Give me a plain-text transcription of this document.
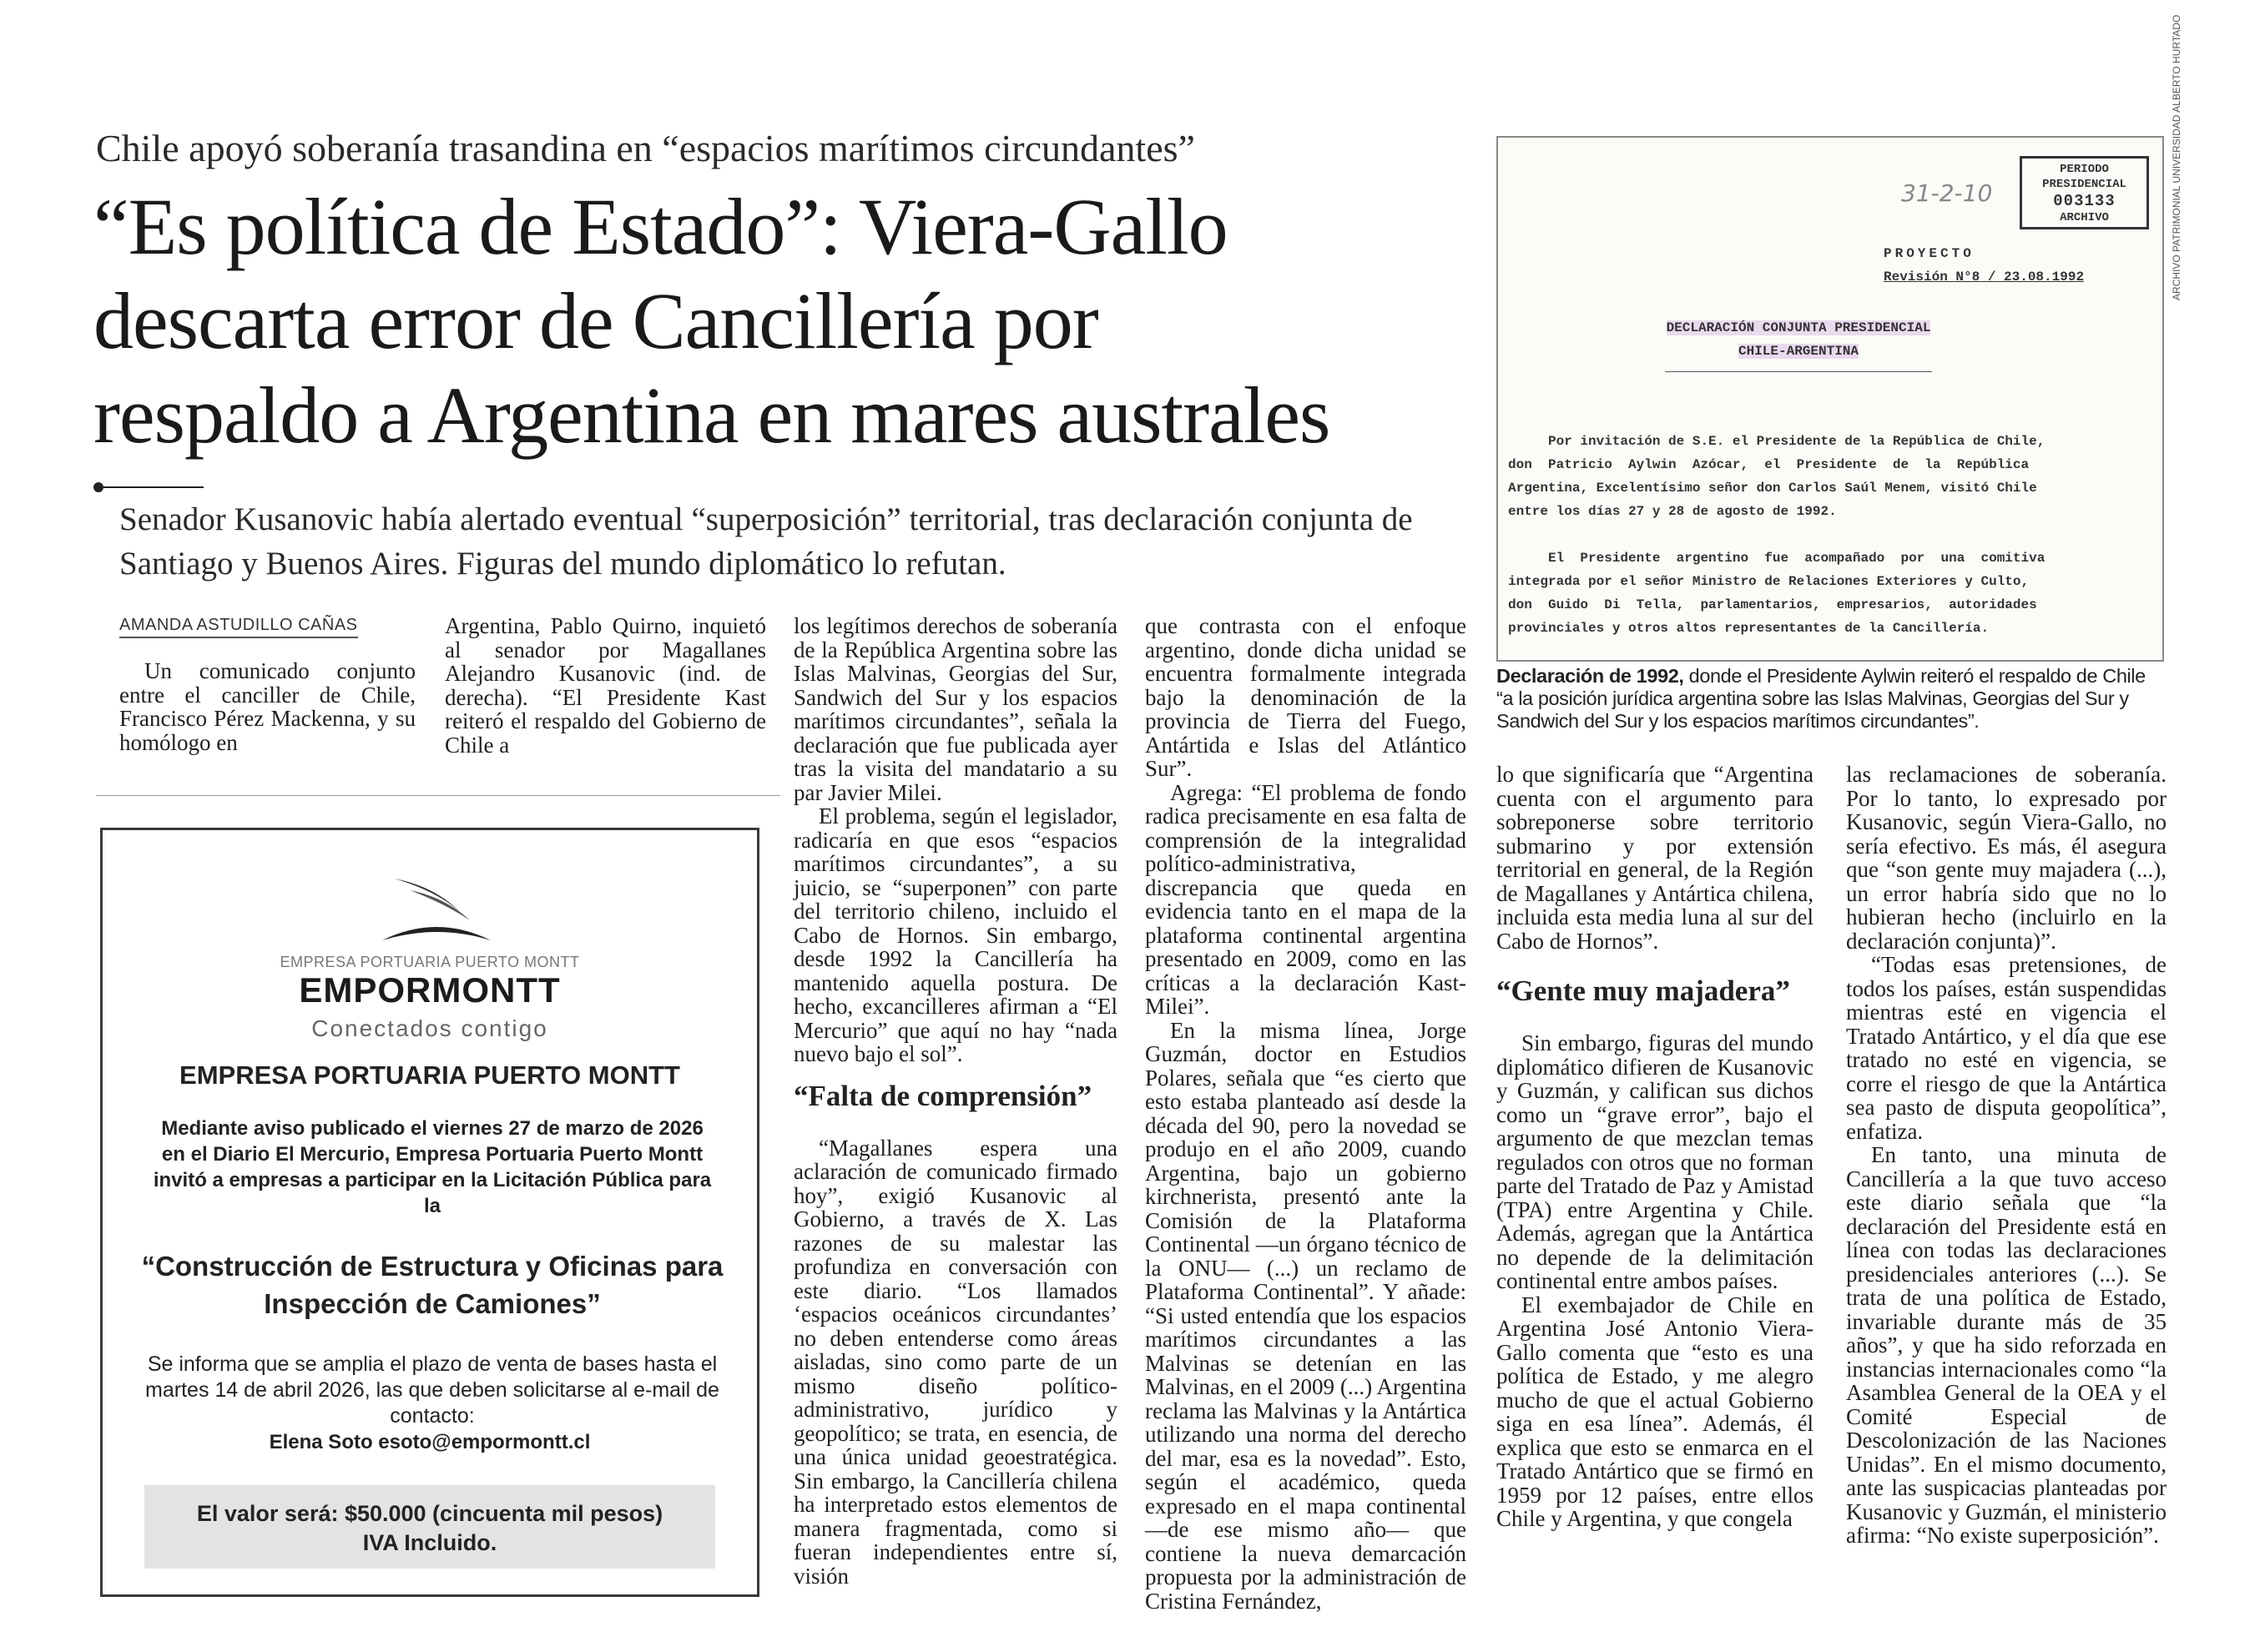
Chile apoyó soberanía trasandina en “espacios marítimos circundantes”
“Es política de Estado”: Viera-Gallo
descarta error de Cancillería por
respaldo a Argentina en mares australes
Senador Kusanovic había alertado eventual “superposición” territorial, tras declaración conjunta de Santiago y Buenos Aires. Figuras del mundo diplomático lo refutan.
AMANDA ASTUDILLO CAÑAS

Un comunicado conjunto entre el canciller de Chile, Francisco Pérez Mackenna, y su homólogo en

Argentina, Pablo Quirno, inquietó al senador por Magallanes Alejandro Kusanovic (ind. de derecha). “El Presidente Kast reiteró el respaldo del Gobierno de Chile a

EMPRESA PORTUARIA PUERTO MONTT
EMPORMONTT
Conectados contigo
EMPRESA PORTUARIA PUERTO MONTT
Mediante aviso publicado el viernes 27 de marzo de 2026 en el Diario El Mercurio, Empresa Portuaria Puerto Montt invitó a empresas a participar en la Licitación Pública para la
“Construcción de Estructura y Oficinas para Inspección de Camiones”
Se informa que se amplia el plazo de venta de bases hasta el martes 14 de abril 2026, las que deben solicitarse al e-mail de contacto:
Elena Soto esoto@empormontt.cl
El valor será: $50.000 (cincuenta mil pesos)
IVA Incluido.

los legítimos derechos de soberanía de la República Argentina sobre las Islas Malvinas, Georgias del Sur, Sandwich del Sur y los espacios marítimos circundantes”, señala la declaración que fue publicada ayer tras la visita del mandatario a su par Javier Milei.

El problema, según el legislador, radicaría en que esos “espacios marítimos circundantes”, a su juicio, se “superponen” con parte del territorio chileno, incluido el Cabo de Hornos. Sin embargo, desde 1992 la Cancillería ha mantenido aquella postura. De hecho, excancilleres afirman a “El Mercurio” que aquí no hay “nada nuevo bajo el sol”.

“Falta de comprensión”

“Magallanes espera una aclaración de comunicado firmado hoy”, exigió Kusanovic al Gobierno, a través de X. Las razones de su malestar las profundiza en conversación con este diario. “Los llamados ‘espacios oceánicos circundantes’ no deben entenderse como áreas aisladas, sino como parte de un mismo diseño político-administrativo, jurídico y geopolítico; se trata, en esencia, de una única unidad geoestratégica. Sin embargo, la Cancillería chilena ha interpretado estos elementos de manera fragmentada, como si fueran independientes entre sí, visión

que contrasta con el enfoque argentino, donde dicha unidad se encuentra formalmente integrada bajo la denominación de la provincia de Tierra del Fuego, Antártida e Islas del Atlántico Sur”.

Agrega: “El problema de fondo radica precisamente en esa falta de comprensión de la integralidad político-administrativa, discrepancia que queda en evidencia tanto en el mapa de la plataforma continental argentina presentado en 2009, como en las críticas a la declaración Kast-Milei”.

En la misma línea, Jorge Guzmán, doctor en Estudios Polares, señala que “es cierto que esto estaba planteado así desde la década del 90, pero la novedad se produjo en el año 2009, cuando Argentina, bajo un gobierno kirchnerista, presentó ante la Comisión de la Plataforma Continental —un órgano técnico de la ONU— (...) un reclamo de Plataforma Continental”. Y añade: “Si usted entendía que los espacios marítimos circundantes a las Malvinas se detenían en las Malvinas, en el 2009 (...) Argentina reclama las Malvinas y la Antártica utilizando una norma del derecho del mar, esa es la novedad”. Esto, según el académico, queda expresado en el mapa continental —de ese mismo año— que contiene la nueva demarcación propuesta por la administración de Cristina Fernández,

31-2-10
PERIODO PRESIDENCIAL
003133
ARCHIVO
PROYECTO
Revisión N°8 / 23.08.1992
DECLARACIÓN CONJUNTA PRESIDENCIAL
CHILE-ARGENTINA
Por invitación de S.E. el Presidente de la República de Chile,
don  Patricio  Aylwin  Azócar,  el  Presidente  de  la  República
Argentina, Excelentísimo señor don Carlos Saúl Menem, visitó Chile
entre los días 27 y 28 de agosto de 1992.

El  Presidente  argentino  fue  acompañado  por  una  comitiva
integrada por el señor Ministro de Relaciones Exteriores y Culto,
don  Guido  Di  Tella,  parlamentarios,  empresarios,  autoridades
provinciales y otros altos representantes de la Cancillería.
ARCHIVO PATRIMONIAL UNIVERSIDAD ALBERTO HURTADO
Declaración de 1992, donde el Presidente Aylwin reiteró el respaldo de Chile “a la posición jurídica argentina sobre las Islas Malvinas, Georgias del Sur y Sandwich del Sur y los espacios marítimos circundantes”.

lo que significaría que “Argentina cuenta con el argumento para sobreponerse sobre territorio submarino y por extensión territorial en general, de la Región de Magallanes y Antártica chilena, incluida esta media luna al sur del Cabo de Hornos”.

“Gente muy majadera”

Sin embargo, figuras del mundo diplomático difieren de Kusanovic y Guzmán, y califican sus dichos como un “grave error”, bajo el argumento de que mezclan temas regulados con otros que no forman parte del Tratado de Paz y Amistad (TPA) entre Argentina y Chile. Además, agregan que la Antártica no depende de la delimitación continental entre ambos países.

El exembajador de Chile en Argentina José Antonio Viera-Gallo comenta que “esto es una política de Estado, y me alegro mucho de que el actual Gobierno siga en esa línea”. Además, él explica que esto se enmarca en el Tratado Antártico que se firmó en 1959 por 12 países, entre ellos Chile y Argentina, y que congela

las reclamaciones de soberanía. Por lo tanto, lo expresado por Kusanovic, según Viera-Gallo, no sería efectivo. Es más, él asegura que “son gente muy majadera (...), un error habría sido que no lo hubieran hecho (incluirlo en la declaración conjunta)”.

“Todas esas pretensiones, de todos los países, están suspendidas mientras esté en vigencia el Tratado Antártico, y el día que ese tratado no esté en vigencia, se corre el riesgo de que la Antártica sea pasto de disputa geopolítica”, enfatiza.

En tanto, una minuta de Cancillería a la que tuvo acceso este diario señala que “la declaración del Presidente está en línea con todas las declaraciones presidenciales anteriores (...). Se trata de una política de Estado, invariable durante más de 35 años”, y que ha sido reforzada en instancias internacionales como “la Asamblea General de la OEA y el Comité Especial de Descolonización de las Naciones Unidas”. En el mismo documento, ante las suspicacias planteadas por Kusanovic y Guzmán, el ministerio afirma: “No existe superposición”.
